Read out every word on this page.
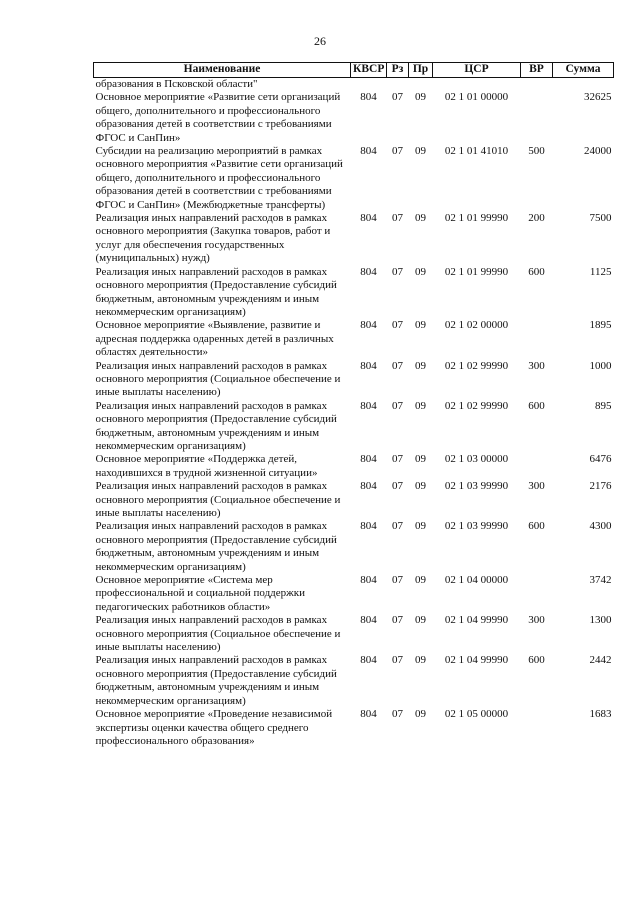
26
Наименование	КВСР	Рз	Пр	ЦСР	ВР	Сумма
образования в Псковской области"						
Основное мероприятие «Развитие сети организаций общего, дополнительного и профессионального образования детей в соответствии с требованиями ФГОС и СанПин»	804	07	09	02 1 01 00000		32625
Субсидии на реализацию мероприятий в рамках основного мероприятия «Развитие сети организаций общего, дополнительного и профессионального образования детей в соответствии с требованиями ФГОС и СанПин» (Межбюджетные трансферты)	804	07	09	02 1 01 41010	500	24000
Реализация иных направлений расходов в рамках основного мероприятия (Закупка товаров, работ и услуг для обеспечения государственных (муниципальных) нужд)	804	07	09	02 1 01 99990	200	7500
Реализация иных направлений расходов в рамках основного мероприятия (Предоставление субсидий бюджетным, автономным учреждениям и иным некоммерческим организациям)	804	07	09	02 1 01 99990	600	1125
Основное мероприятие «Выявление, развитие и адресная поддержка одаренных детей в различных областях деятельности»	804	07	09	02 1 02 00000		1895
Реализация иных направлений расходов в рамках основного мероприятия (Социальное обеспечение и иные выплаты населению)	804	07	09	02 1 02 99990	300	1000
Реализация иных направлений расходов в рамках основного мероприятия (Предоставление субсидий бюджетным, автономным учреждениям и иным некоммерческим организациям)	804	07	09	02 1 02 99990	600	895
Основное мероприятие «Поддержка детей, находившихся в трудной жизненной ситуации»	804	07	09	02 1 03 00000		6476
Реализация иных направлений расходов в рамках основного мероприятия (Социальное обеспечение и иные выплаты населению)	804	07	09	02 1 03 99990	300	2176
Реализация иных направлений расходов в рамках основного мероприятия (Предоставление субсидий бюджетным, автономным учреждениям и иным некоммерческим организациям)	804	07	09	02 1 03 99990	600	4300
Основное мероприятие «Система мер профессиональной и социальной поддержки педагогических работников области»	804	07	09	02 1 04 00000		3742
Реализация иных направлений расходов в рамках основного мероприятия (Социальное обеспечение и иные выплаты населению)	804	07	09	02 1 04 99990	300	1300
Реализация иных направлений расходов в рамках основного мероприятия (Предоставление субсидий бюджетным, автономным учреждениям и иным некоммерческим организациям)	804	07	09	02 1 04 99990	600	2442
Основное мероприятие «Проведение независимой экспертизы оценки качества общего среднего профессионального образования»	804	07	09	02 1 05 00000		1683
